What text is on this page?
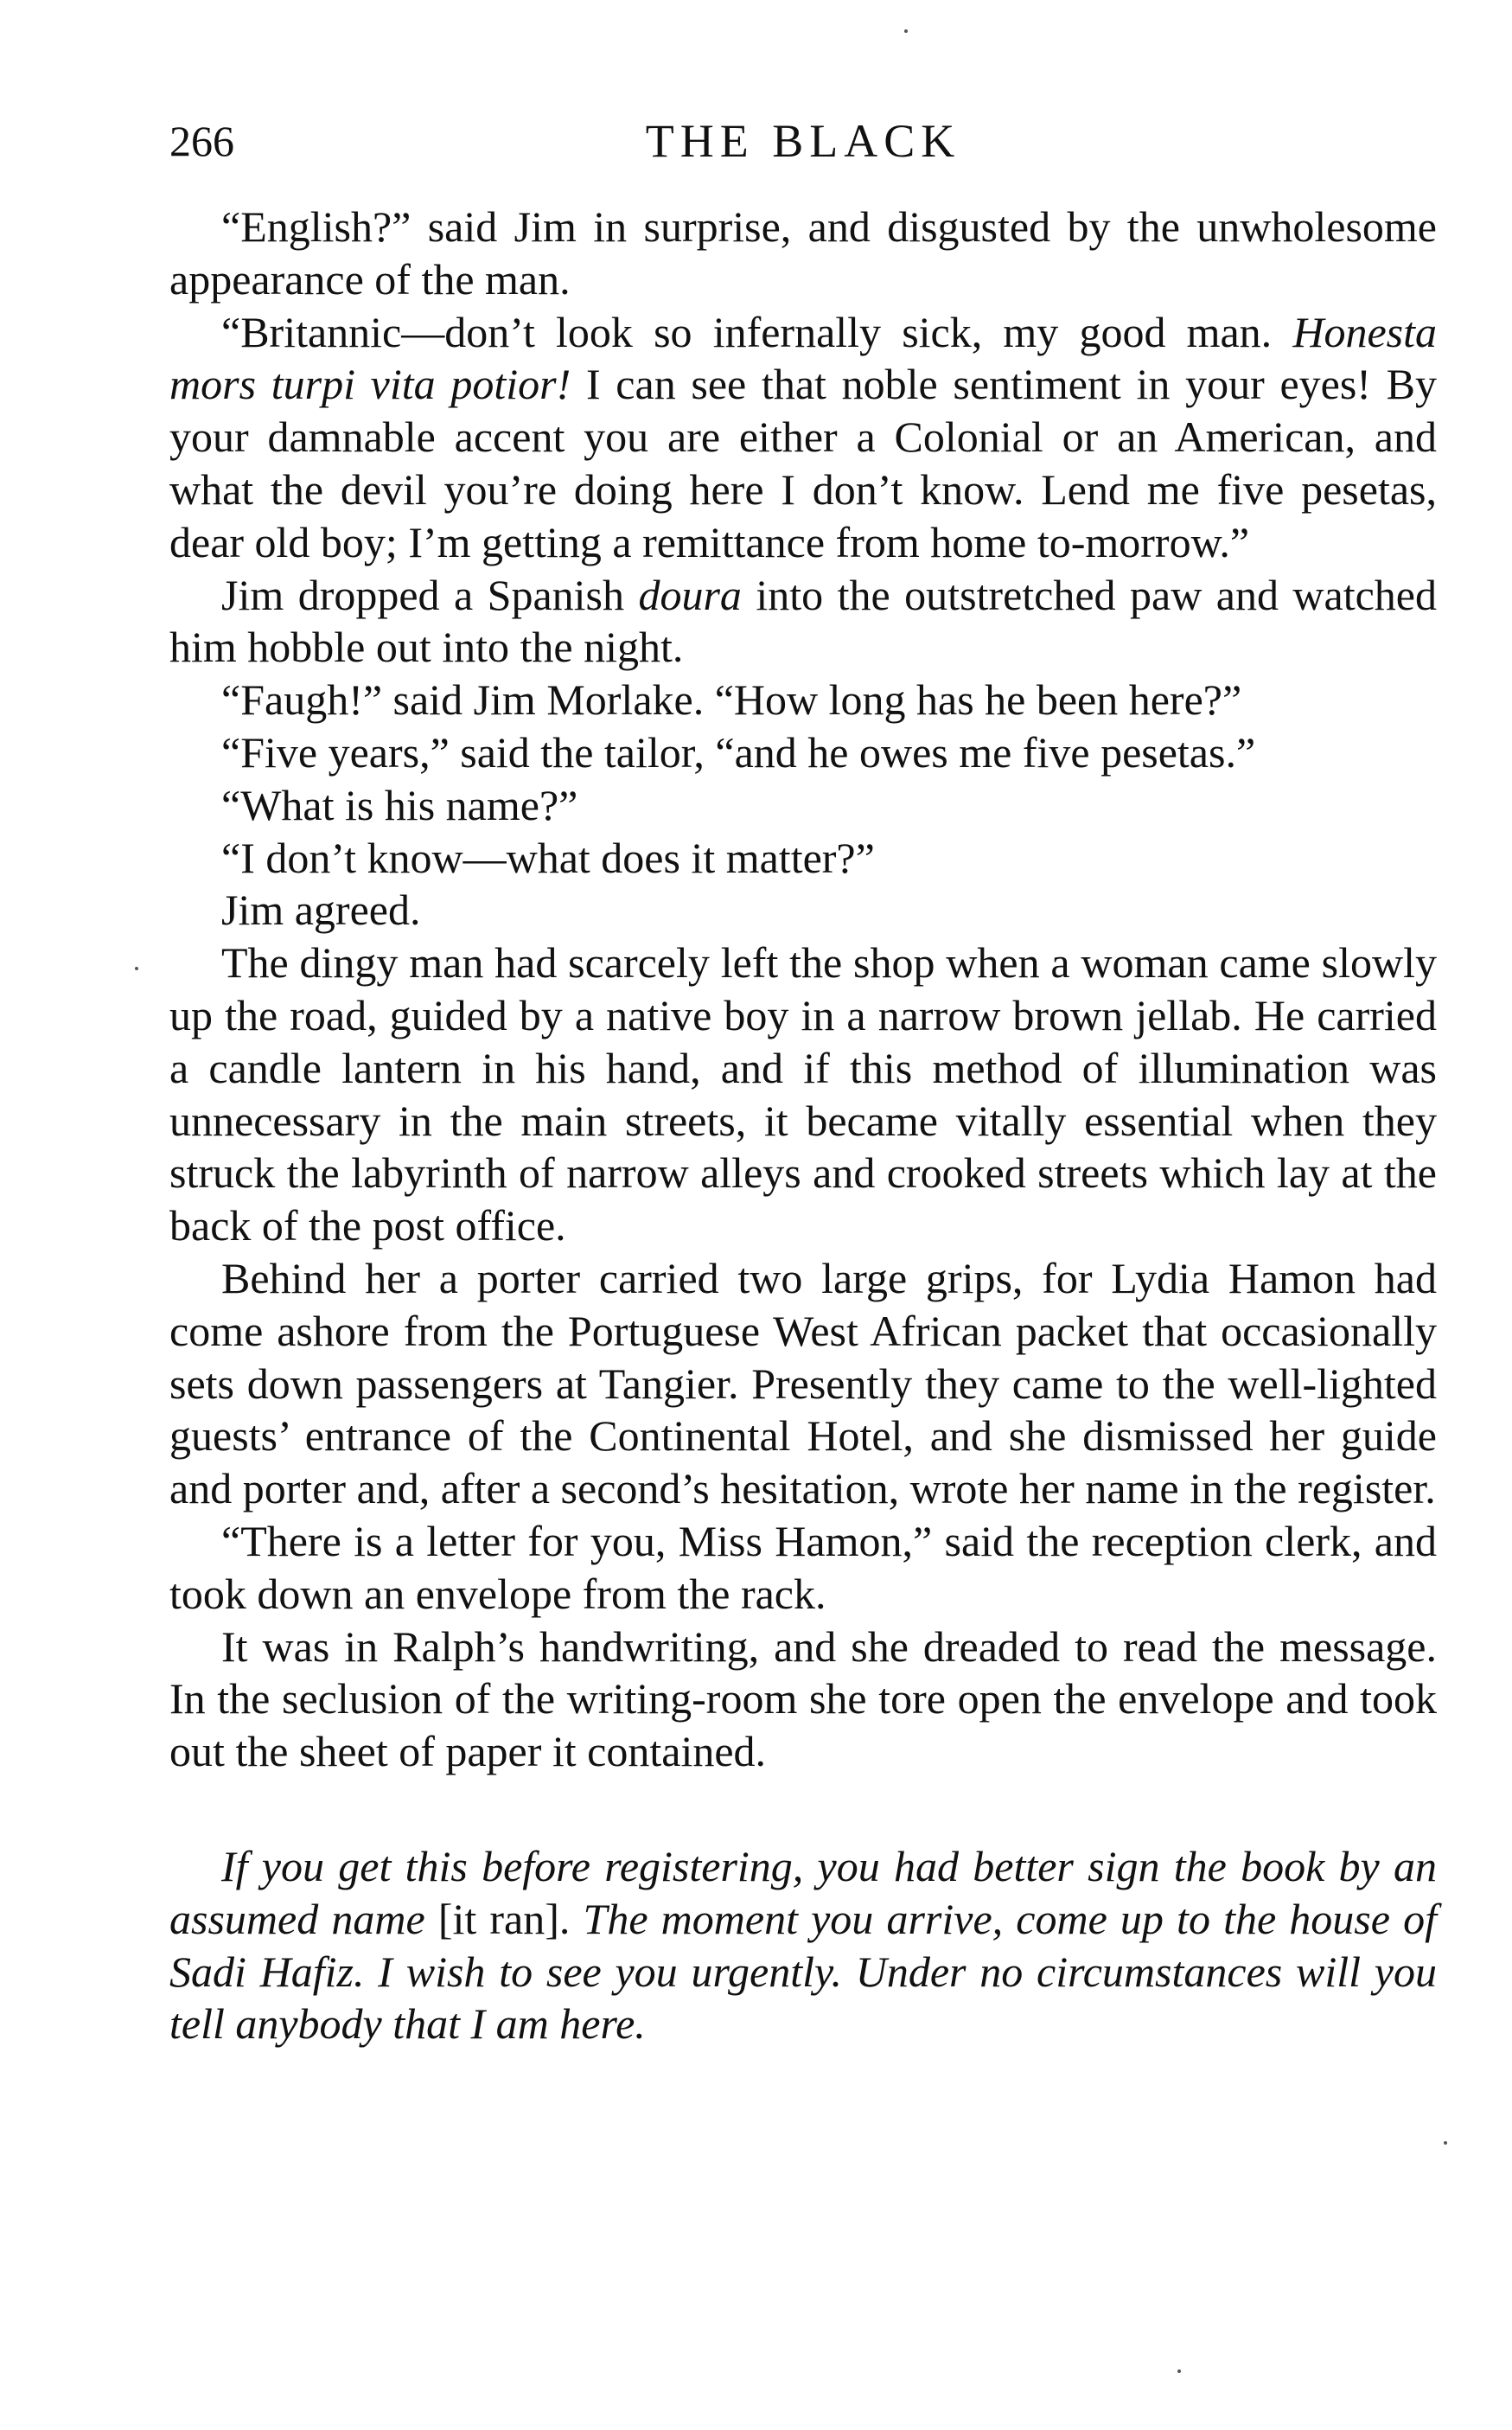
266	THE BLACK

“English?” said Jim in surprise, and disgusted by the unwholesome appearance of the man.

“Britannic—don’t look so infernally sick, my good man. Honesta mors turpi vita potior! I can see that noble sentiment in your eyes! By your damnable accent you are either a Colonial or an American, and what the devil you’re doing here I don’t know. Lend me five pesetas, dear old boy; I’m getting a remittance from home to-morrow.”

Jim dropped a Spanish doura into the outstretched paw and watched him hobble out into the night.

“Faugh!” said Jim Morlake. “How long has he been here?”

“Five years,” said the tailor, “and he owes me five pesetas.”

“What is his name?”

“I don’t know—what does it matter?”

Jim agreed.

The dingy man had scarcely left the shop when a woman came slowly up the road, guided by a native boy in a narrow brown jellab. He carried a candle lantern in his hand, and if this method of illumination was unnecessary in the main streets, it became vitally essential when they struck the labyrinth of narrow alleys and crooked streets which lay at the back of the post office.

Behind her a porter carried two large grips, for Lydia Hamon had come ashore from the Portuguese West African packet that occasionally sets down passengers at Tangier. Presently they came to the well-lighted guests’ entrance of the Continental Hotel, and she dismissed her guide and porter and, after a second’s hesitation, wrote her name in the register.

“There is a letter for you, Miss Hamon,” said the reception clerk, and took down an envelope from the rack.

It was in Ralph’s handwriting, and she dreaded to read the message. In the seclusion of the writing-room she tore open the envelope and took out the sheet of paper it contained.

If you get this before registering, you had better sign the book by an assumed name [it ran]. The moment you arrive, come up to the house of Sadi Hafiz. I wish to see you urgently. Under no circumstances will you tell anybody that I am here.
